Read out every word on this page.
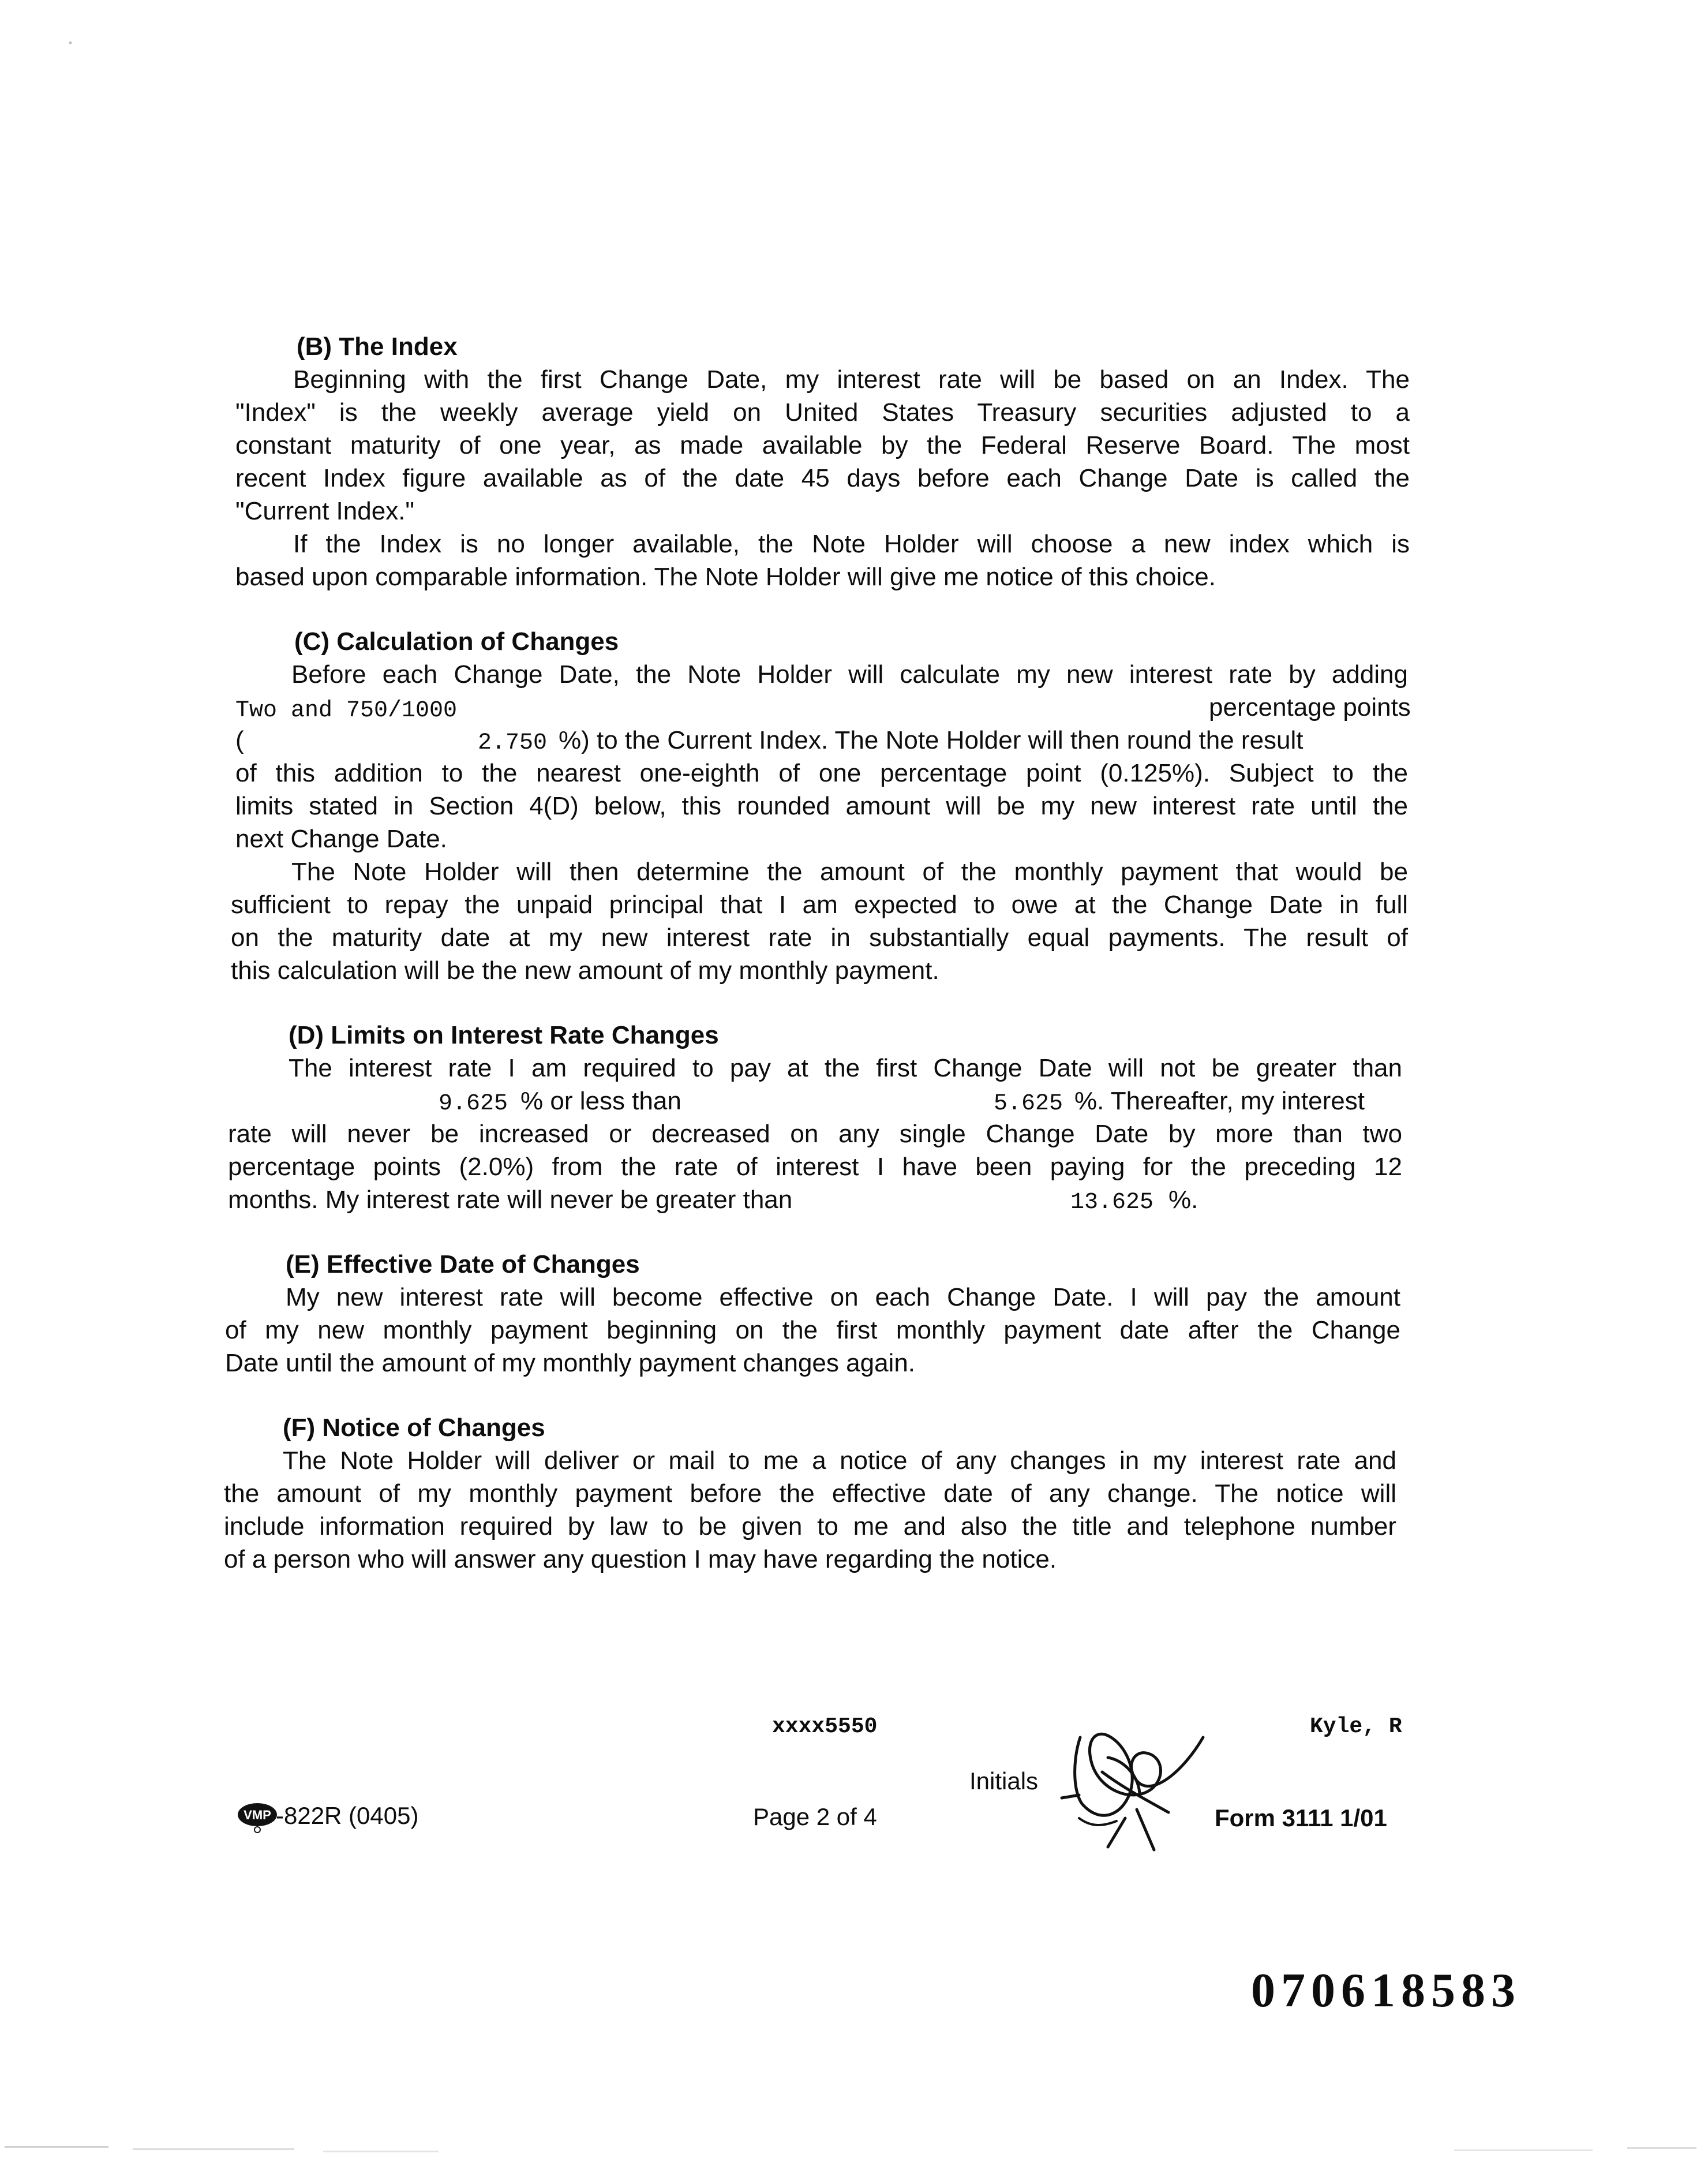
(B) The Index
Beginning with the first Change Date, my interest rate will be based on an Index. The
"Index" is the weekly average yield on United States Treasury securities adjusted to a
constant maturity of one year, as made available by the Federal Reserve Board. The most
recent Index figure available as of the date 45 days before each Change Date is called the
"Current Index."
If the Index is no longer available, the Note Holder will choose a new index which is
based upon comparable information. The Note Holder will give me notice of this choice.
(C) Calculation of Changes
Before each Change Date, the Note Holder will calculate my new interest rate by adding
Two and 750/1000	percentage points
(	2.750 %) to the Current Index. The Note Holder will then round the result
of this addition to the nearest one-eighth of one percentage point (0.125%). Subject to the
limits stated in Section 4(D) below, this rounded amount will be my new interest rate until the
next Change Date.
The Note Holder will then determine the amount of the monthly payment that would be
sufficient to repay the unpaid principal that I am expected to owe at the Change Date in full
on the maturity date at my new interest rate in substantially equal payments. The result of
this calculation will be the new amount of my monthly payment.
(D) Limits on Interest Rate Changes
The interest rate I am required to pay at the first Change Date will not be greater than
9.625 % or less than	5.625 %. Thereafter, my interest
rate will never be increased or decreased on any single Change Date by more than two
percentage points (2.0%) from the rate of interest I have been paying for the preceding 12
months. My interest rate will never be greater than	13.625 %.
(E) Effective Date of Changes
My new interest rate will become effective on each Change Date. I will pay the amount
of my new monthly payment beginning on the first monthly payment date after the Change
Date until the amount of my monthly payment changes again.
(F) Notice of Changes
The Note Holder will deliver or mail to me a notice of any changes in my interest rate and
the amount of my monthly payment before the effective date of any change. The notice will
include information required by law to be given to me and also the title and telephone number
of a person who will answer any question I may have regarding the notice.
xxxx5550	Kyle, R
Initials
VMP -822R (0405)	Page 2 of 4	Form 3111 1/01
070618583
